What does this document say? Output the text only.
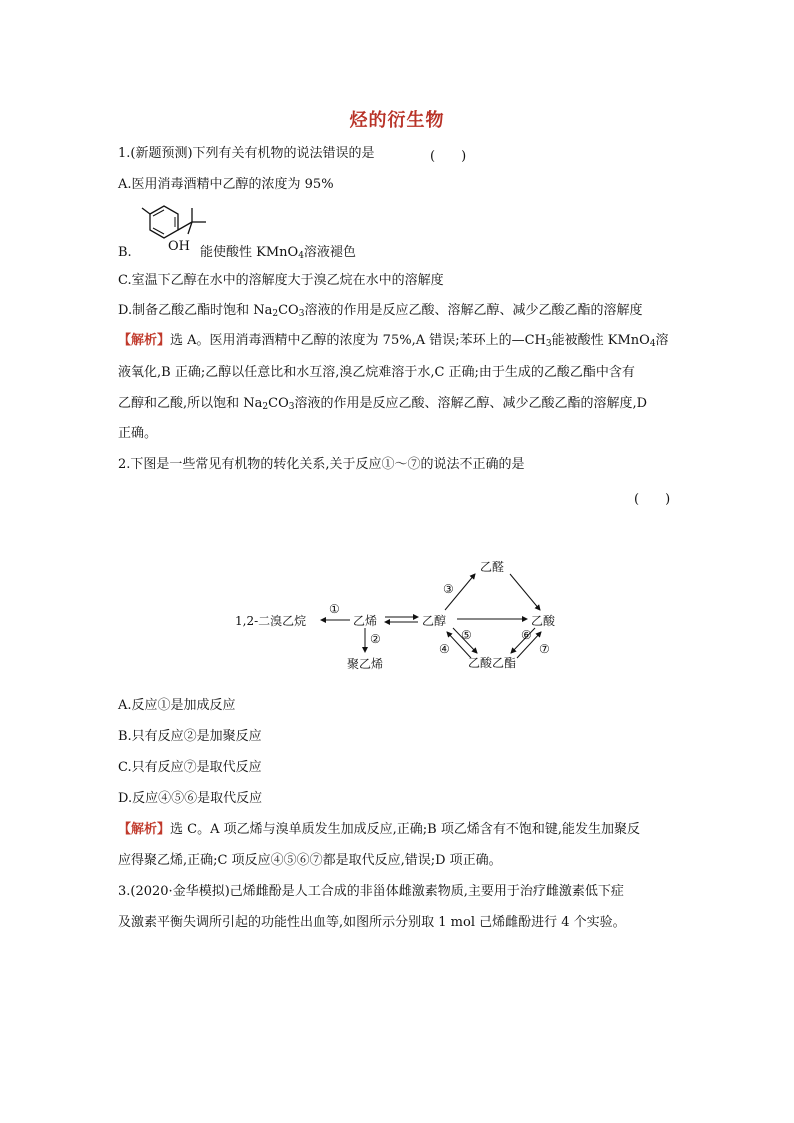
烃的衍生物
1.(新题预测)下列有关有机物的说法错误的是	(　　)
A.医用消毒酒精中乙醇的浓度为 95%
B.	OH 能使酸性 KMnO$_4$溶液褪色
C.室温下乙醇在水中的溶解度大于溴乙烷在水中的溶解度
D.制备乙酸乙酯时饱和 $Na_2CO_3$溶液的作用是反应乙酸、溶解乙醇、减少乙酸乙酯的溶解度
【解析】选 A。医用消毒酒精中乙醇的浓度为 75%,A 错误;苯环上的$—CH_3$能被酸性 KMnO$_4$溶
液氧化,B 正确;乙醇以任意比和水互溶,溴乙烷难溶于水,C 正确;由于生成的乙酸乙酯中含有
乙醇和乙酸,所以饱和 $Na_2CO_3$溶液的作用是反应乙酸、溶解乙醇、减少乙酸乙酯的溶解度,D
正确。
2.下图是一些常见有机物的转化关系,关于反应①～⑦的说法不正确的是
(　　)
1,2-二溴乙烷	乙烯	乙醇
乙醛
乙酸
乙酸乙酯
聚乙烯
①
②
③
④
⑤	⑥
⑦
A.反应①是加成反应
B.只有反应②是加聚反应
C.只有反应⑦是取代反应
D.反应④⑤⑥是取代反应
【解析】选 C。A 项乙烯与溴单质发生加成反应,正确;B 项乙烯含有不饱和键,能发生加聚反
应得聚乙烯,正确;C 项反应④⑤⑥⑦都是取代反应,错误;D 项正确。
3.(2020·金华模拟)己烯雌酚是人工合成的非甾体雌激素物质,主要用于治疗雌激素低下症
及激素平衡失调所引起的功能性出血等,如图所示分别取 1 mol 己烯雌酚进行 4 个实验。
